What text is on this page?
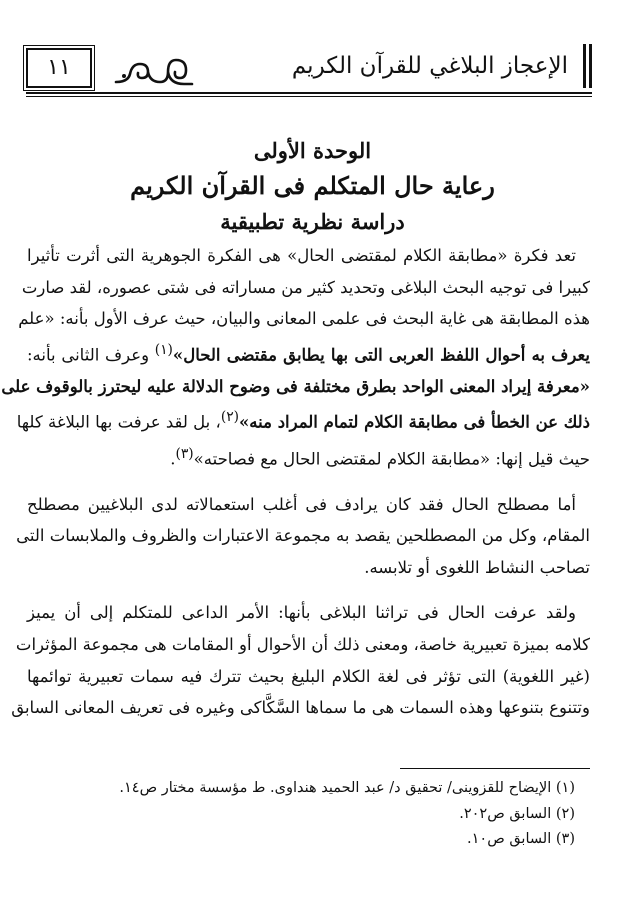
الإعجاز البلاغي للقرآن الكريم
١١
الوحدة الأولى
رعاية حال المتكلم فى القرآن الكريم
دراسة نظرية تطبيقية
تعد فكرة «مطابقة الكلام لمقتضى الحال» هى الفكرة الجوهرية التى أثرت تأثيرا
كبيرا فى توجيه البحث البلاغى وتحديد كثير من مساراته فى شتى عصوره، لقد صارت
هذه المطابقة هى غاية البحث فى علمى المعانى والبيان، حيث عرف الأول بأنه: «علم
يعرف به أحوال اللفظ العربى التى بها يطابق مقتضى الحال»$^{(١)}$ وعرف الثانى بأنه:
«معرفة إيراد المعنى الواحد بطرق مختلفة فى وضوح الدلالة عليه ليحترز بالوقوف على
ذلك عن الخطأ فى مطابقة الكلام لتمام المراد منه»$^{(٢)}$، بل لقد عرفت بها البلاغة كلها
حيث قيل إنها: «مطابقة الكلام لمقتضى الحال مع فصاحته»$^{(٣)}$.
أما مصطلح الحال فقد كان يرادف فى أغلب استعمالاته لدى البلاغيين مصطلح
المقام، وكل من المصطلحين يقصد به مجموعة الاعتبارات والظروف والملابسات التى
تصاحب النشاط اللغوى أو تلابسه.
ولقد عرفت الحال فى تراثنا البلاغى بأنها: الأمر الداعى للمتكلم إلى أن يميز
كلامه بميزة تعبيرية خاصة، ومعنى ذلك أن الأحوال أو المقامات هى مجموعة المؤثرات
(غير اللغوية) التى تؤثر فى لغة الكلام البليغ بحيث تترك فيه سمات تعبيرية توائمها
وتتنوع بتنوعها وهذه السمات هى ما سماها السَّكَّاكى وغيره فى تعريف المعانى السابق
(١) الإيضاح للقزوينى/ تحقيق د/ عبد الحميد هنداوى. ط مؤسسة مختار ص١٤.
(٢) السابق ص٢٠٢.
(٣) السابق ص١٠.
